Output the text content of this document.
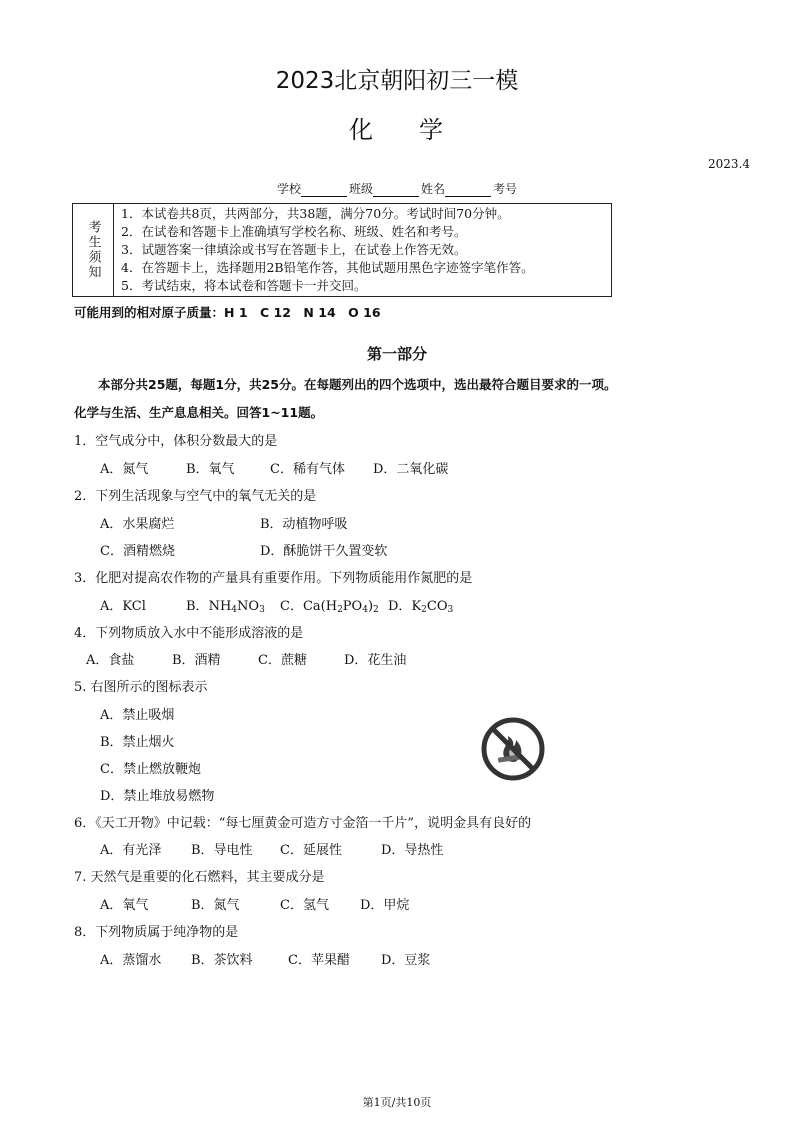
2023北京朝阳初三一模
化 学
2023.4
学校	班级	姓名	考号
考生须知
1．本试卷共8页，共两部分，共38题，满分70分。考试时间70分钟。
2．在试卷和答题卡上准确填写学校名称、班级、姓名和考号。
3．试题答案一律填涂或书写在答题卡上，在试卷上作答无效。
4．在答题卡上，选择题用2B铅笔作答，其他试题用黑色字迹签字笔作答。
5．考试结束，将本试卷和答题卡一并交回。
可能用到的相对原子质量：H 1　C 12　N 14　O 16
第一部分
本部分共25题，每题1分，共25分。在每题列出的四个选项中，选出最符合题目要求的一项。
化学与生活、生产息息相关。回答1~11题。
1．空气成分中，体积分数最大的是
A．氮气	B．氧气	C．稀有气体 D．二氧化碳
2．下列生活现象与空气中的氧气无关的是
A．水果腐烂	B．动植物呼吸
C．酒精燃烧	D．酥脆饼干久置变软
3．化肥对提高农作物的产量具有重要作用。下列物质能用作氮肥的是
A．KCl	B．$NH_4NO_3$ C．$Ca(H_2PO_4)_2$ D．$K_2CO_3$
4．下列物质放入水中不能形成溶液的是
A．食盐	B．酒精	C．蔗糖	D．花生油
5. 右图所示的图标表示
A．禁止吸烟
B．禁止烟火
C．禁止燃放鞭炮
D．禁止堆放易燃物
6．《天工开物》中记载：“每七厘黄金可造方寸金箔一千片”，说明金具有良好的
A．有光泽 B．导电性 C．延展性	D．导热性
7. 天然气是重要的化石燃料，其主要成分是
A．氧气	B．氮气	C．氢气 D．甲烷
8．下列物质属于纯净物的是
A．蒸馏水 B．茶饮料	C．苹果醋 D．豆浆
第1页/共10页
